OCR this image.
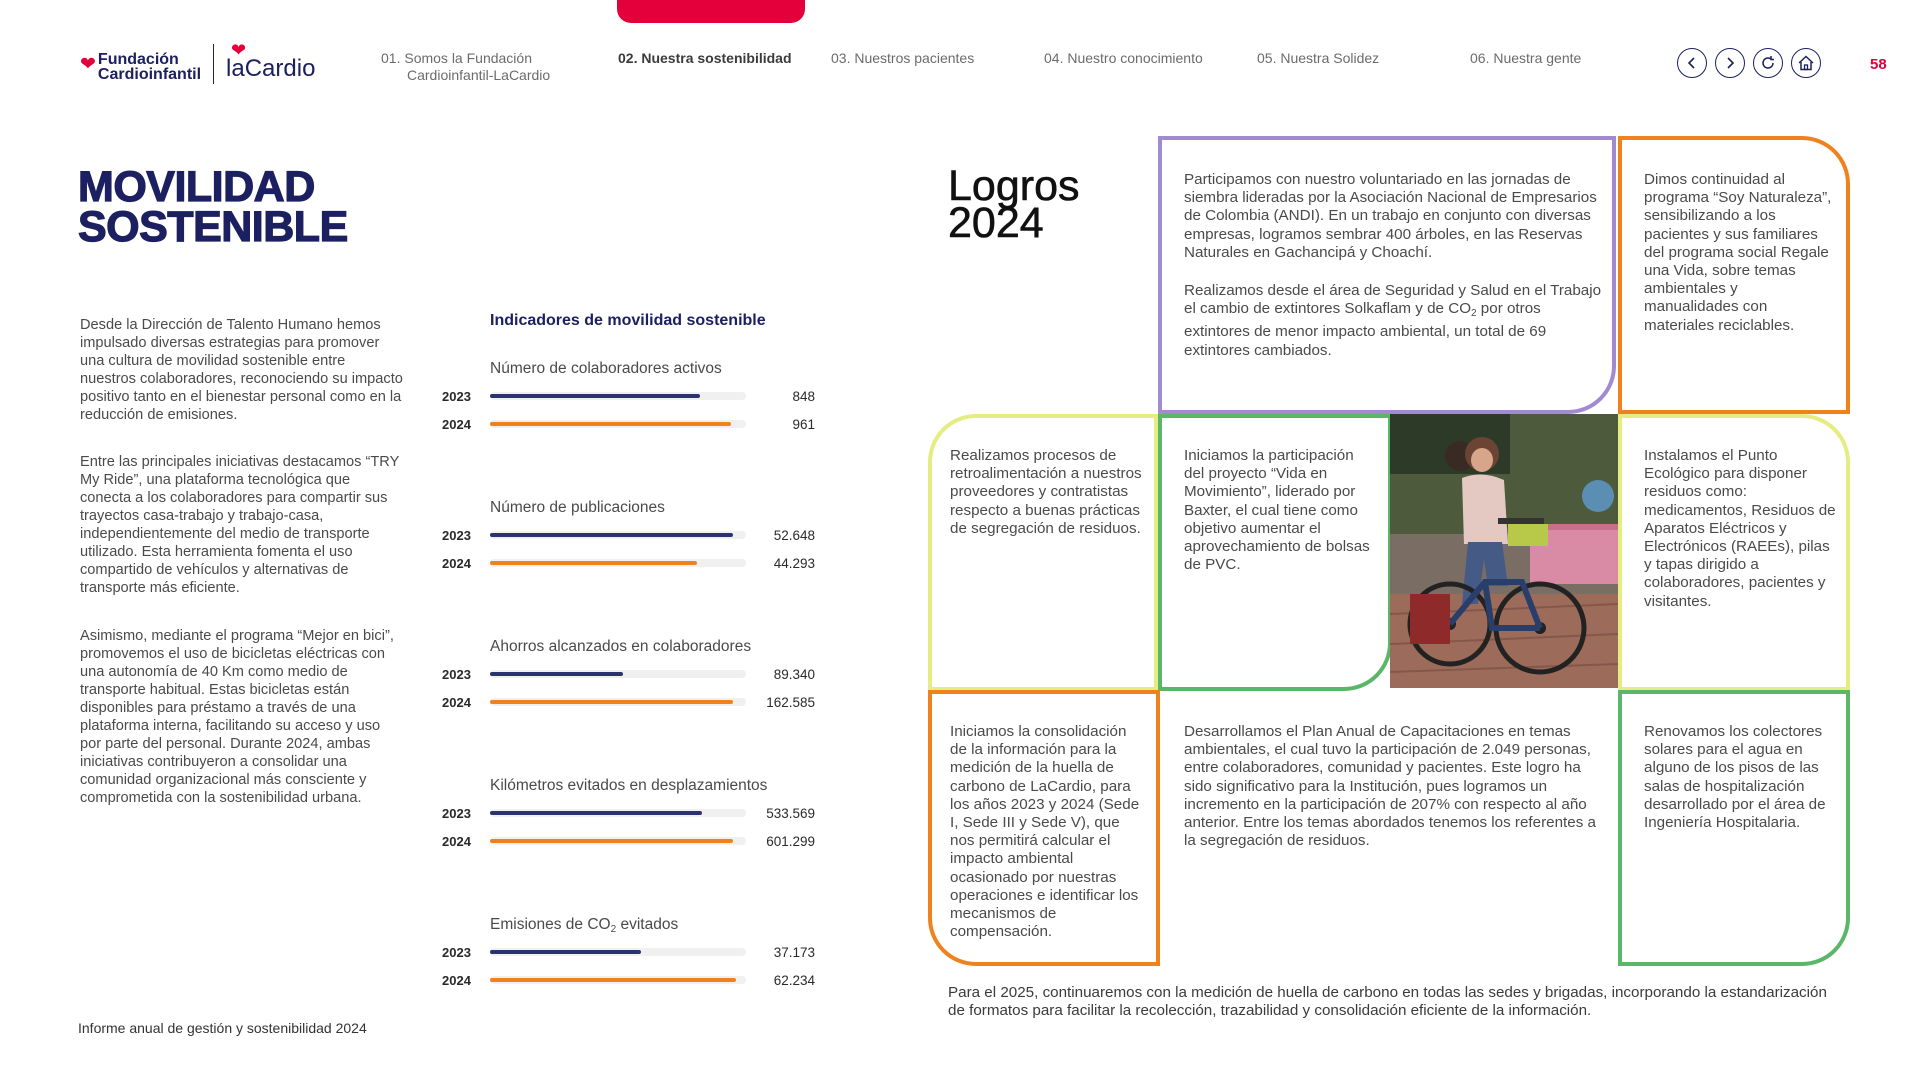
❤ Fundación
Cardioinfantil
❤
laCardio	01. Somos la Fundación
Cardioinfantil-LaCardio
02. Nuestra sostenibilidad	03. Nuestros pacientes	04. Nuestro conocimiento	05. Nuestra Solidez	06. Nuestra gente	58
MOVILIDAD
SOSTENIBLE
Desde la Dirección de Talento Humano hemos impulsado diversas estrategias para promover una cultura de movilidad sostenible entre nuestros colaboradores, reconociendo su impacto positivo tanto en el bienestar personal como en la reducción de emisiones.
Entre las principales iniciativas destacamos “TRY My Ride”, una plataforma tecnológica que conecta a los colaboradores para compartir sus trayectos casa-trabajo y trabajo-casa, independientemente del medio de transporte utilizado. Esta herramienta fomenta el uso compartido de vehículos y alternativas de transporte más eficiente.
Asimismo, mediante el programa “Mejor en bici”, promovemos el uso de bicicletas eléctricas con una autonomía de 40 Km como medio de transporte habitual. Estas bicicletas están disponibles para préstamo a través de una plataforma interna, facilitando su acceso y uso por parte del personal. Durante 2024, ambas iniciativas contribuyeron a consolidar una comunidad organizacional más consciente y comprometida con la sostenibilidad urbana.
Indicadores de movilidad sostenible
Número de colaboradores activos
2023	848
2024	961
Número de publicaciones
2023	52.648
2024	44.293
Ahorros alcanzados en colaboradores
2023	89.340
2024	162.585
Kilómetros evitados en desplazamientos
2023	533.569
2024	601.299
Emisiones de $CO_2$ evitados
2023	37.173
2024	62.234
Informe anual de gestión y sostenibilidad 2024
Logros
2024

Participamos con nuestro voluntariado en las jornadas de siembra lideradas por la Asociación Nacional de Empresarios de Colombia (ANDI). En un trabajo en conjunto con diversas empresas, logramos sembrar 400 árboles, en las Reservas Naturales en Gachancipá y Choachí.

Realizamos desde el área de Seguridad y Salud en el Trabajo el cambio de extintores Solkaflam y de $CO_2$ por otros extintores de menor impacto ambiental, un total de 69 extintores cambiados.

Dimos continuidad al programa “Soy Naturaleza”, sensibilizando a los pacientes y sus familiares del programa social Regale una Vida, sobre temas ambientales y manualidades con materiales reciclables.
Realizamos procesos de retroalimentación a nuestros proveedores y contratistas respecto a buenas prácticas de segregación de residuos.
Iniciamos la participación del proyecto “Vida en Movimiento”, liderado por Baxter, el cual tiene como objetivo aumentar el aprovechamiento de bolsas de PVC.
Instalamos el Punto Ecológico para disponer residuos como: medicamentos, Residuos de Aparatos Eléctricos y Electrónicos (RAEEs), pilas y tapas dirigido a colaboradores, pacientes y visitantes.
Iniciamos la consolidación de la información para la medición de la huella de carbono de LaCardio, para los años 2023 y 2024 (Sede I, Sede III y Sede V), que nos permitirá calcular el impacto ambiental ocasionado por nuestras operaciones e identificar los mecanismos de compensación.
Desarrollamos el Plan Anual de Capacitaciones en temas ambientales, el cual tuvo la participación de 2.049 personas, entre colaboradores, comunidad y pacientes. Este logro ha sido significativo para la Institución, pues logramos un incremento en la participación de 207% con respecto al año anterior. Entre los temas abordados tenemos los referentes a la segregación de residuos.
Renovamos los colectores solares para el agua en alguno de los pisos de las salas de hospitalización desarrollado por el área de Ingeniería Hospitalaria.
Para el 2025, continuaremos con la medición de huella de carbono en todas las sedes y brigadas, incorporando la estandarización de formatos para facilitar la recolección, trazabilidad y consolidación eficiente de la información.
